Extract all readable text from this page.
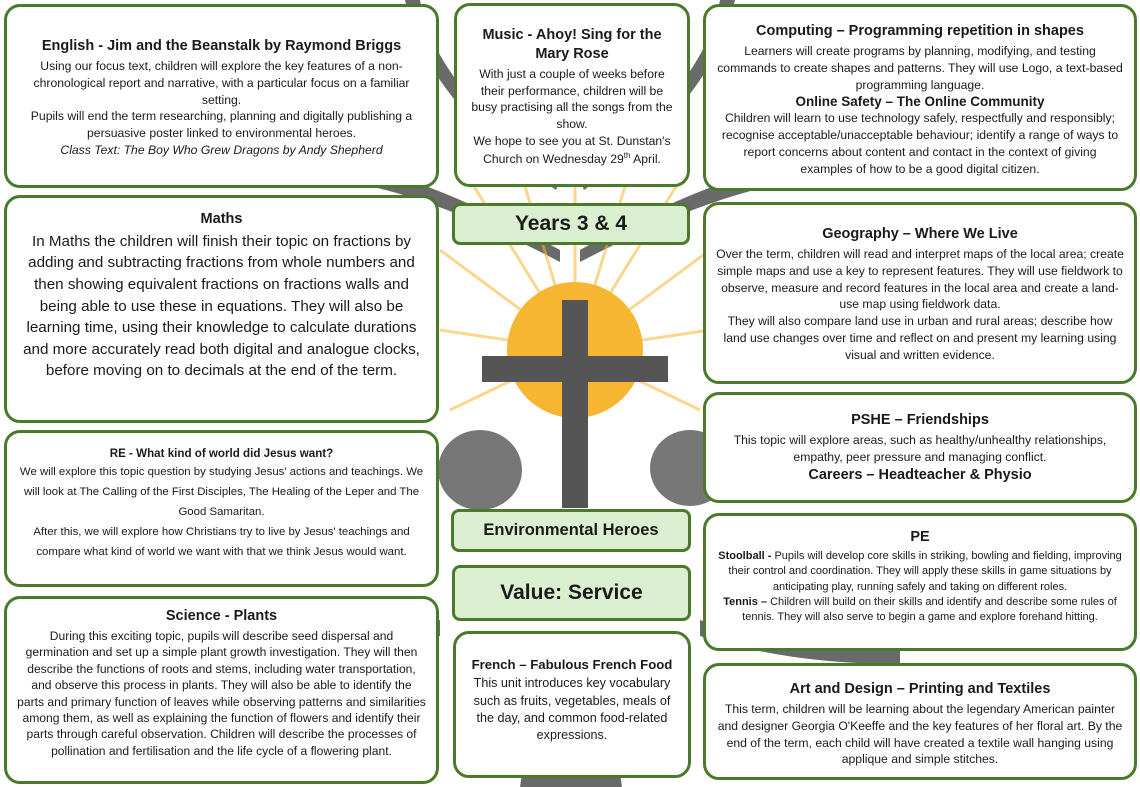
English - Jim and the Beanstalk by Raymond Briggs

Using our focus text, children will explore the key features of a non-chronological report and narrative, with a particular focus on a familiar setting.

Pupils will end the term researching, planning and digitally publishing a persuasive poster linked to environmental heroes.

Class Text: The Boy Who Grew Dragons by Andy Shepherd

Music - Ahoy! Sing for the Mary Rose

With just a couple of weeks before their performance, children will be busy practising all the songs from the show.

We hope to see you at St. Dunstan's Church on Wednesday 29th April.

Computing – Programming repetition in shapes

Learners will create programs by planning, modifying, and testing commands to create shapes and patterns. They will use Logo, a text-based programming language.

Online Safety – The Online Community

Children will learn to use technology safely, respectfully and responsibly; recognise acceptable/unacceptable behaviour; identify a range of ways to report concerns about content and contact in the context of giving examples of how to be a good digital citizen.

Years 3 & 4
Maths

In Maths the children will finish their topic on fractions by adding and subtracting fractions from whole numbers and then showing equivalent fractions on fractions walls and being able to use these in equations. They will also be learning time, using their knowledge to calculate durations and more accurately read both digital and analogue clocks, before moving on to decimals at the end of the term.

Geography – Where We Live

Over the term, children will read and interpret maps of the local area; create simple maps and use a key to represent features. They will use fieldwork to observe, measure and record features in the local area and create a land-use map using fieldwork data.

They will also compare land use in urban and rural areas; describe how land use changes over time and reflect on and present my learning using visual and written evidence.

RE - What kind of world did Jesus want?

We will explore this topic question by studying Jesus' actions and teachings. We will look at The Calling of the First Disciples, The Healing of the Leper and The Good Samaritan.

After this, we will explore how Christians try to live by Jesus' teachings and compare what kind of world we want with that we think Jesus would want.

PSHE – Friendships

This topic will explore areas, such as healthy/unhealthy relationships, empathy, peer pressure and managing conflict.

Careers – Headteacher & Physio
Environmental Heroes
Value: Service
PE

Stoolball - Pupils will develop core skills in striking, bowling and fielding, improving their control and coordination. They will apply these skills in game situations by anticipating play, running safely and taking on different roles.

Tennis – Children will build on their skills and identify and describe some rules of tennis. They will also serve to begin a game and explore forehand hitting.

Science - Plants

During this exciting topic, pupils will describe seed dispersal and germination and set up a simple plant growth investigation. They will then describe the functions of roots and stems, including water transportation, and observe this process in plants. They will also be able to identify the parts and primary function of leaves while observing patterns and similarities among them, as well as explaining the function of flowers and identify their parts through careful observation. Children will describe the processes of pollination and fertilisation and the life cycle of a flowering plant.

French – Fabulous French Food

This unit introduces key vocabulary such as fruits, vegetables, meals of the day, and common food-related expressions.

Art and Design – Printing and Textiles

This term, children will be learning about the legendary American painter and designer Georgia O'Keeffe and the key features of her floral art. By the end of the term, each child will have created a textile wall hanging using applique and simple stitches.
